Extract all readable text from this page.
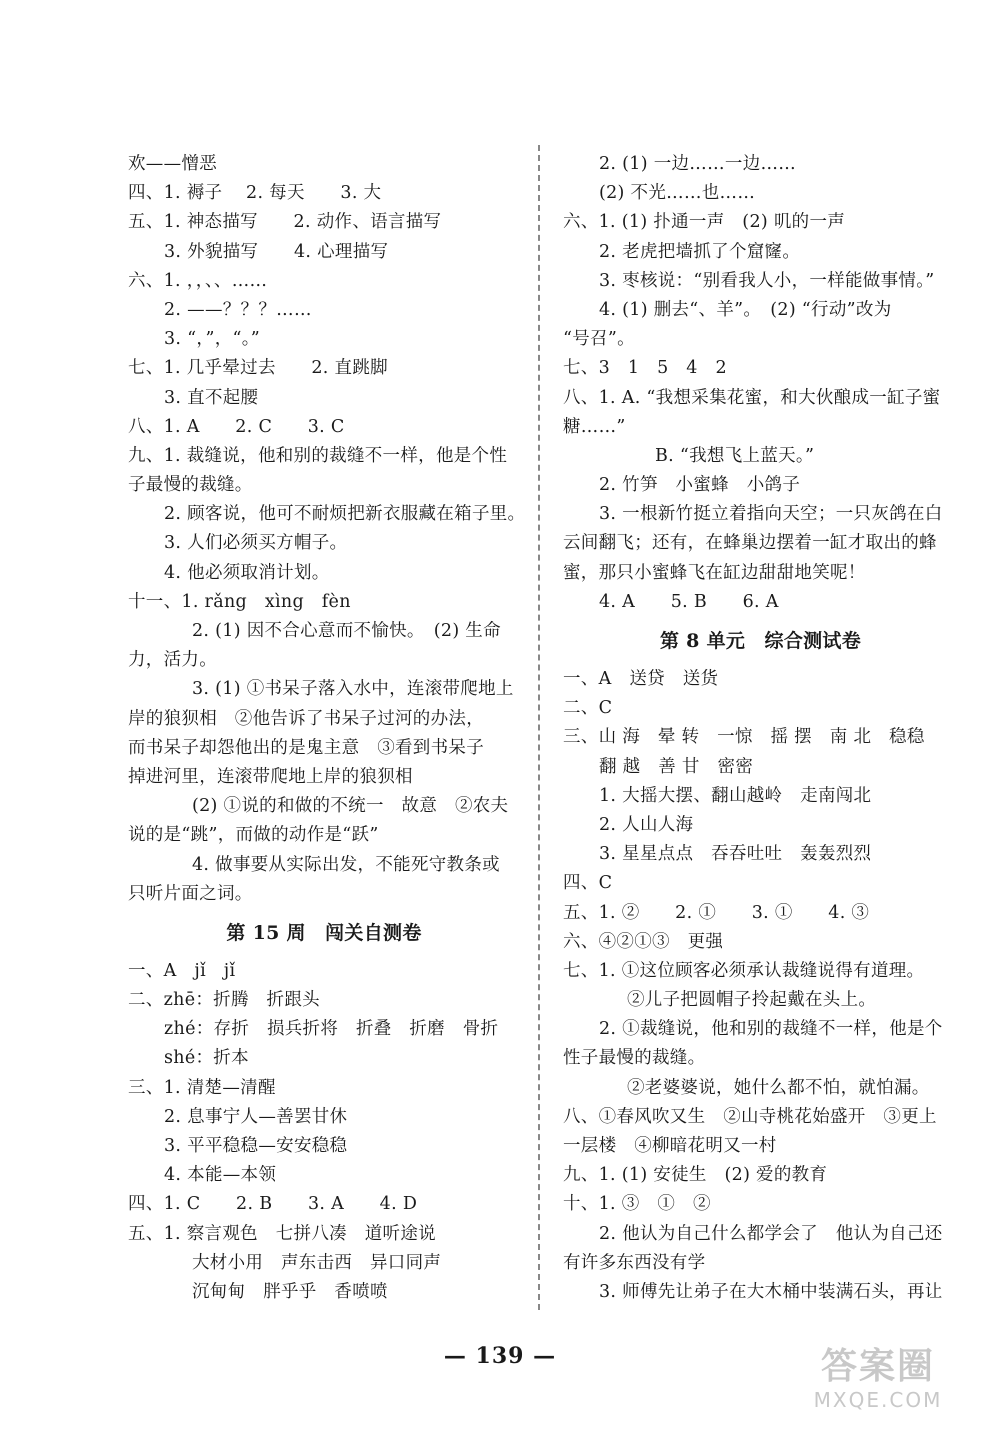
欢——憎恶
四、1. 褥子　 2. 每天　　3. 大
五、1. 神态描写　　2. 动作、语言描写
3. 外貌描写　　4. 心理描写
六、1. ，，、、……
2. ——？？？……
3. “，”，“。”
七、1. 几乎晕过去　　2. 直跳脚
3. 直不起腰
八、1. A　　2. C　　3. C
九、1. 裁缝说，他和别的裁缝不一样，他是个性
子最慢的裁缝。
2. 顾客说，他可不耐烦把新衣服藏在箱子里。
3. 人们必须买方帽子。
4. 他必须取消计划。
十一、1. rǎng　xìng　fèn
2. (1) 因不合心意而不愉快。　(2) 生命
力，活力。
3. (1) ①书呆子落入水中，连滚带爬地上
岸的狼狈相　②他告诉了书呆子过河的办法，
而书呆子却怨他出的是鬼主意　③看到书呆子
掉进河里，连滚带爬地上岸的狼狈相
(2) ①说的和做的不统一　故意　②农夫
说的是“跳”，而做的动作是“跃”
4. 做事要从实际出发，不能死守教条或
只听片面之词。
第 15 周　闯关自测卷
一、A　jǐ　jǐ
二、zhē：折腾　折跟头
zhé：存折　损兵折将　折叠　折磨　骨折
shé：折本
三、1. 清楚—清醒
2. 息事宁人—善罢甘休
3. 平平稳稳—安安稳稳
4. 本能—本领
四、1. C　　2. B　　3. A　　4. D
五、1. 察言观色　七拼八凑　道听途说
大材小用　声东击西　异口同声
沉甸甸　胖乎乎　香喷喷
2. (1) 一边……一边……
(2) 不光……也……
六、1. (1) 扑通一声　(2) 叽的一声
2. 老虎把墙抓了个窟窿。
3. 枣核说：“别看我人小，一样能做事情。”
4. (1) 删去“、羊”。　(2) “行动”改为
“号召”。
七、3　1　5　4　2
八、1. A. “我想采集花蜜，和大伙酿成一缸子蜜
糖……”
B. “我想飞上蓝天。”
2. 竹笋　小蜜蜂　小鸽子
3. 一根新竹挺立着指向天空；一只灰鸽在白
云间翻飞；还有，在蜂巢边摆着一缸才取出的蜂
蜜，那只小蜜蜂飞在缸边甜甜地笑呢！
4. A　　5. B　　6. A
第 8 单元　综合测试卷
一、A　送贷　送货
二、C
三、山 海　晕 转　一惊　摇 摆　南 北　稳稳
翻 越　善 甘　密密
1. 大摇大摆、翻山越岭　走南闯北
2. 人山人海
3. 星星点点　吞吞吐吐　轰轰烈烈
四、C
五、1. ②　　2. ①　　3. ①　　4. ③
六、④②①③　更强
七、1. ①这位顾客必须承认裁缝说得有道理。
②儿子把圆帽子拎起戴在头上。
2. ①裁缝说，他和别的裁缝不一样，他是个
性子最慢的裁缝。
②老婆婆说，她什么都不怕，就怕漏。
八、①春风吹又生　②山寺桃花始盛开　③更上
一层楼　④柳暗花明又一村
九、1. (1) 安徒生　(2) 爱的教育
十、1. ③　①　②
2. 他认为自己什么都学会了　他认为自己还
有许多东西没有学
3. 师傅先让弟子在大木桶中装满石头，再让
— 139 —	答案圈
MXQE.COM
